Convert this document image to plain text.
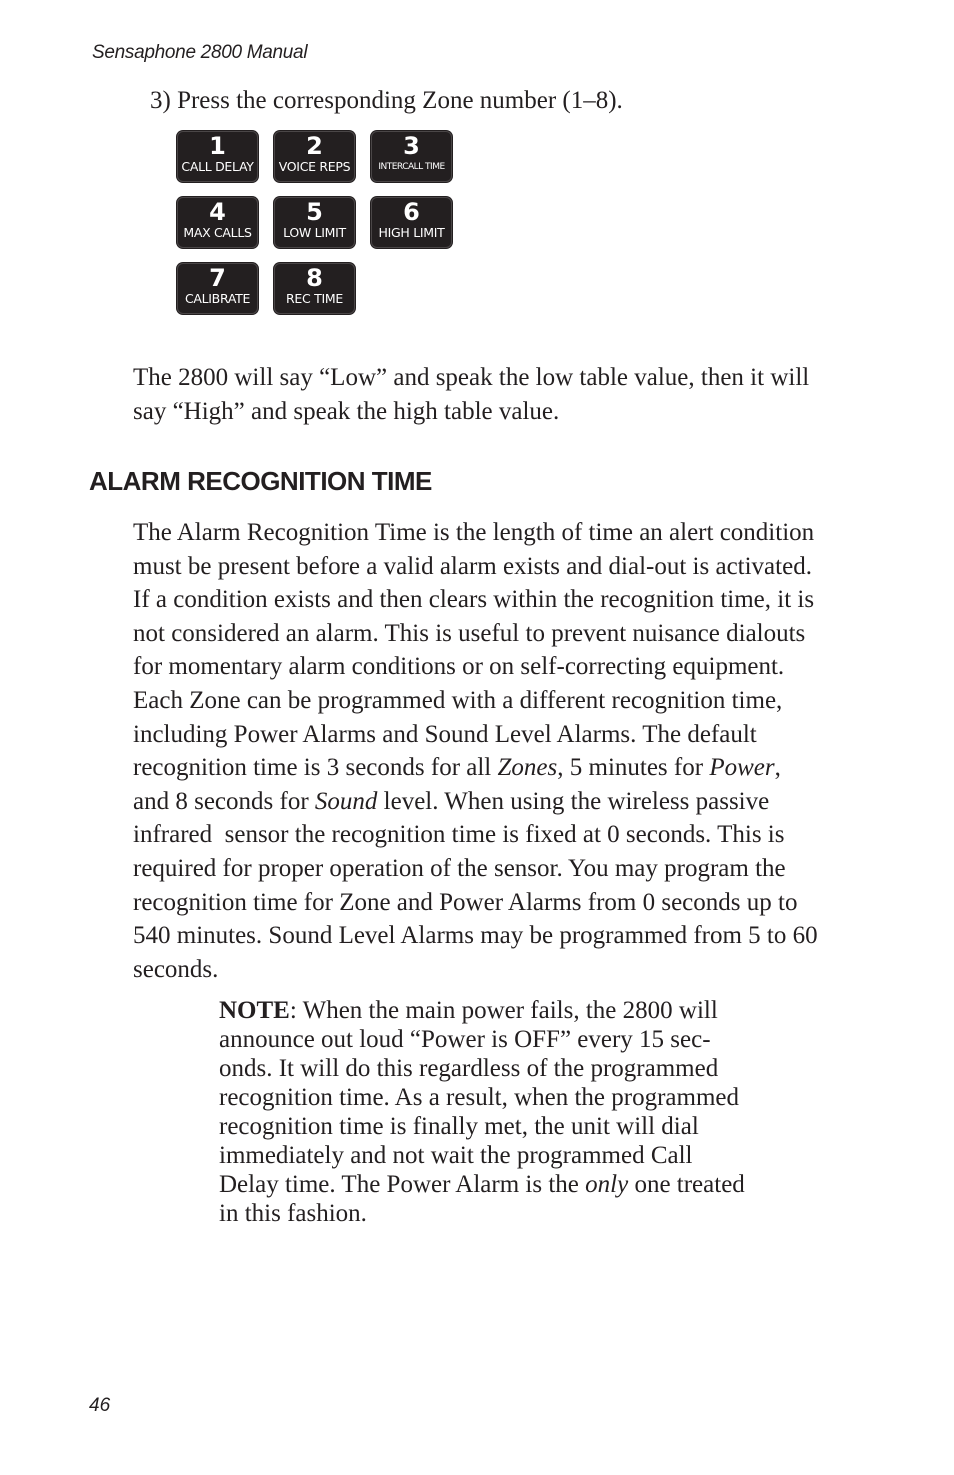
Sensaphone 2800 Manual
3) Press the corresponding Zone number (1–8).
1
CALL DELAY
2
VOICE REPS
3
INTERCALL TIME
4
MAX CALLS
5
LOW LIMIT
6
HIGH LIMIT
7
CALIBRATE
8
REC TIME
The 2800 will say “Low” and speak the low table value, then it will
say “High” and speak the high table value.
ALARM RECOGNITION TIME
The Alarm Recognition Time is the length of time an alert condition
must be present before a valid alarm exists and dial-out is activated.
If a condition exists and then clears within the recognition time, it is
not considered an alarm. This is useful to prevent nuisance dialouts
for momentary alarm conditions or on self-correcting equipment.
Each Zone can be programmed with a different recognition time,
including Power Alarms and Sound Level Alarms. The default
recognition time is 3 seconds for all Zones, 5 minutes for Power,
and 8 seconds for Sound level. When using the wireless passive
infrared  sensor the recognition time is fixed at 0 seconds. This is
required for proper operation of the sensor. You may program the
recognition time for Zone and Power Alarms from 0 seconds up to
540 minutes. Sound Level Alarms may be programmed from 5 to 60
seconds.
NOTE: When the main power fails, the 2800 will
announce out loud “Power is OFF” every 15 sec-
onds. It will do this regardless of the programmed
recognition time. As a result, when the programmed
recognition time is finally met, the unit will dial
immediately and not wait the programmed Call
Delay time. The Power Alarm is the only one treated
in this fashion.
46
